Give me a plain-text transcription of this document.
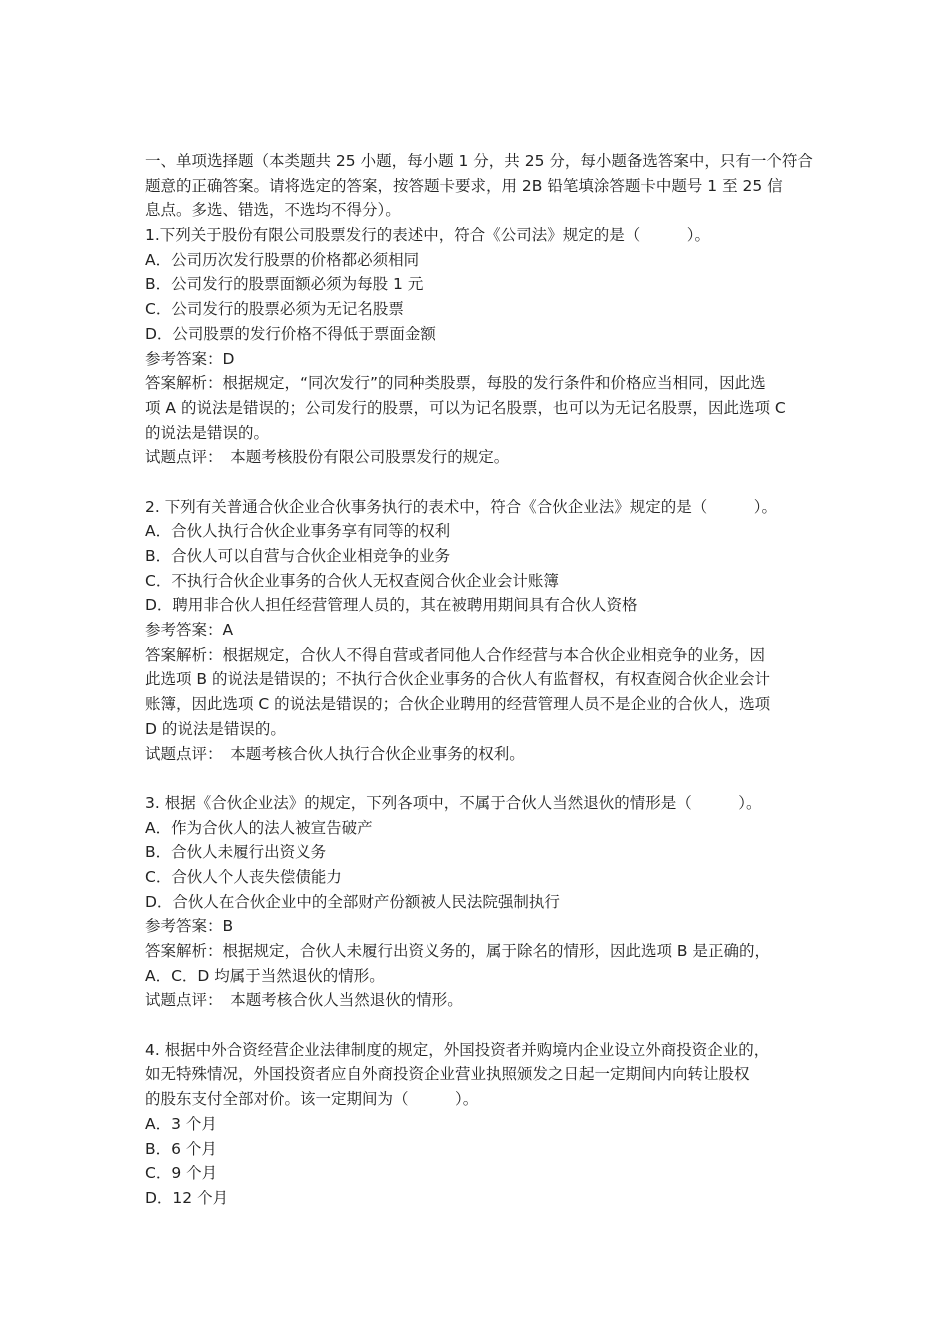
一、单项选择题（本类题共 25 小题，每小题 1 分，共 25 分，每小题备选答案中，只有一个符合
题意的正确答案。请将选定的答案，按答题卡要求，用 2B 铅笔填涂答题卡中题号 1 至 25 信
息点。多选、错选，不选均不得分）。
1.下列关于股份有限公司股票发行的表述中，符合《公司法》规定的是（　　　）。
A．公司历次发行股票的价格都必须相同
B．公司发行的股票面额必须为每股 1 元
C．公司发行的股票必须为无记名股票
D．公司股票的发行价格不得低于票面金额
参考答案：D
答案解析：根据规定，“同次发行”的同种类股票，每股的发行条件和价格应当相同，因此选
项 A 的说法是错误的；公司发行的股票，可以为记名股票，也可以为无记名股票，因此选项 C
的说法是错误的。
试题点评：　本题考核股份有限公司股票发行的规定。
2. 下列有关普通合伙企业合伙事务执行的表术中，符合《合伙企业法》规定的是（　　　）。
A．合伙人执行合伙企业事务享有同等的权利
B．合伙人可以自营与合伙企业相竞争的业务
C．不执行合伙企业事务的合伙人无权查阅合伙企业会计账簿
D．聘用非合伙人担任经营管理人员的，其在被聘用期间具有合伙人资格
参考答案：A
答案解析：根据规定，合伙人不得自营或者同他人合作经营与本合伙企业相竞争的业务，因
此选项 B 的说法是错误的；不执行合伙企业事务的合伙人有监督权，有权查阅合伙企业会计
账簿，因此选项 C 的说法是错误的；合伙企业聘用的经营管理人员不是企业的合伙人，选项
D 的说法是错误的。
试题点评：　本题考核合伙人执行合伙企业事务的权利。
3. 根据《合伙企业法》的规定，下列各项中，不属于合伙人当然退伙的情形是（　　　）。
A．作为合伙人的法人被宣告破产
B．合伙人未履行出资义务
C．合伙人个人丧失偿债能力
D．合伙人在合伙企业中的全部财产份额被人民法院强制执行
参考答案：B
答案解析：根据规定，合伙人未履行出资义务的，属于除名的情形，因此选项 B 是正确的，
A．C．D 均属于当然退伙的情形。
试题点评：　本题考核合伙人当然退伙的情形。
4. 根据中外合资经营企业法律制度的规定，外国投资者并购境内企业设立外商投资企业的，
如无特殊情况，外国投资者应自外商投资企业营业执照颁发之日起一定期间内向转让股权
的股东支付全部对价。该一定期间为（　　　）。
A．3 个月
B．6 个月
C．9 个月
D．12 个月
